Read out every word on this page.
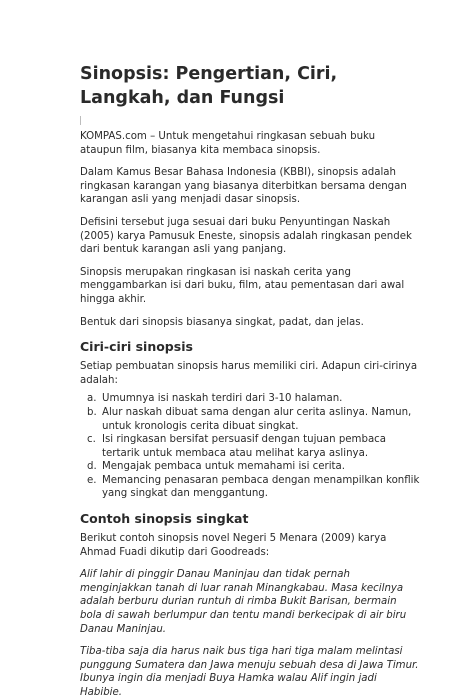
Sinopsis: Pengertian, Ciri, Langkah, dan Fungsi

KOMPAS.com – Untuk mengetahui ringkasan sebuah buku ataupun film, biasanya kita membaca sinopsis.

Dalam Kamus Besar Bahasa Indonesia (KBBI), sinopsis adalah ringkasan karangan yang biasanya diterbitkan bersama dengan karangan asli yang menjadi dasar sinopsis.

Defisini tersebut juga sesuai dari buku Penyuntingan Naskah (2005) karya Pamusuk Eneste, sinopsis adalah ringkasan pendek dari bentuk karangan asli yang panjang.

Sinopsis merupakan ringkasan isi naskah cerita yang menggambarkan isi dari buku, film, atau pementasan dari awal hingga akhir.

Bentuk dari sinopsis biasanya singkat, padat, dan jelas.

Ciri-ciri sinopsis

Setiap pembuatan sinopsis harus memiliki ciri. Adapun ciri-cirinya adalah:

a. Umumnya isi naskah terdiri dari 3-10 halaman.
b. Alur naskah dibuat sama dengan alur cerita aslinya. Namun, untuk kronologis cerita dibuat singkat.
c. Isi ringkasan bersifat persuasif dengan tujuan pembaca tertarik untuk membaca atau melihat karya aslinya.
d. Mengajak pembaca untuk memahami isi cerita.
e. Memancing penasaran pembaca dengan menampilkan konflik yang singkat dan menggantung.
Contoh sinopsis singkat

Berikut contoh sinopsis novel Negeri 5 Menara (2009) karya Ahmad Fuadi dikutip dari Goodreads:

Alif lahir di pinggir Danau Maninjau dan tidak pernah menginjakkan tanah di luar ranah Minangkabau. Masa kecilnya adalah berburu durian runtuh di rimba Bukit Barisan, bermain bola di sawah berlumpur dan tentu mandi berkecipak di air biru Danau Maninjau.

Tiba-tiba saja dia harus naik bus tiga hari tiga malam melintasi punggung Sumatera dan Jawa menuju sebuah desa di Jawa Timur. Ibunya ingin dia menjadi Buya Hamka walau Alif ingin jadi Habibie.
